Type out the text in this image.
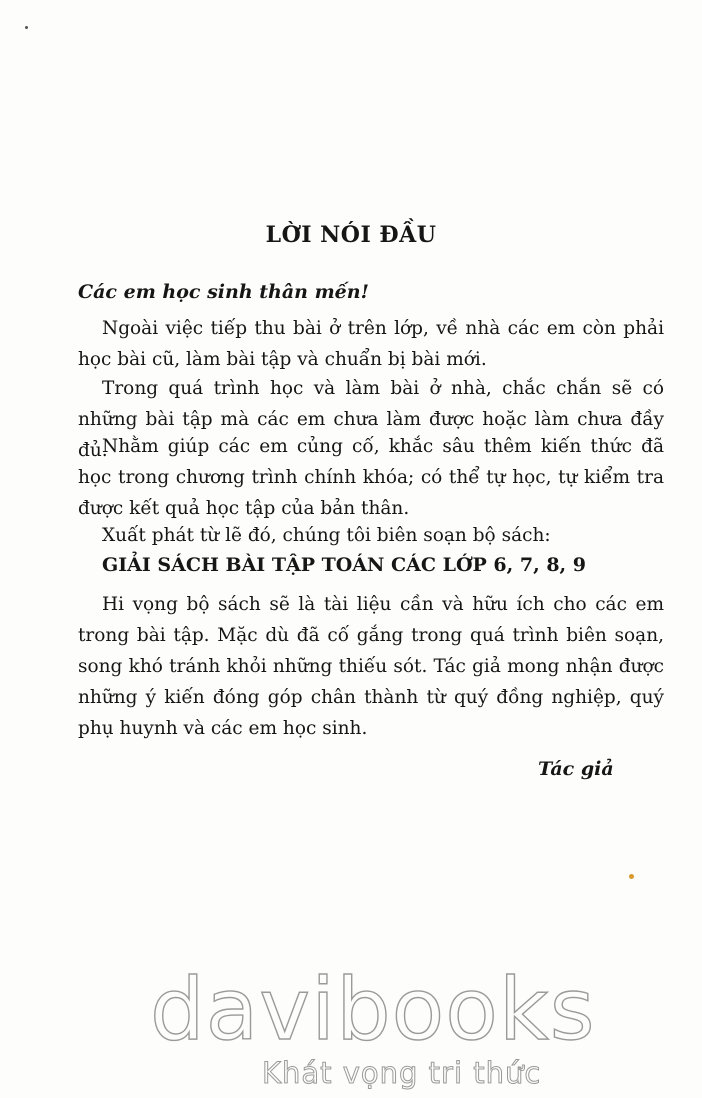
LỜI NÓI ĐẦU
Các em học sinh thân mến!

Ngoài việc tiếp thu bài ở trên lớp, về nhà các em còn phải học bài cũ, làm bài tập và chuẩn bị bài mới.

Trong quá trình học và làm bài ở nhà, chắc chắn sẽ có những bài tập mà các em chưa làm được hoặc làm chưa đầy đủ.

Nhằm giúp các em củng cố, khắc sâu thêm kiến thức đã học trong chương trình chính khóa; có thể tự học, tự kiểm tra được kết quả học tập của bản thân.

Xuất phát từ lẽ đó, chúng tôi biên soạn bộ sách:

GIẢI SÁCH BÀI TẬP TOÁN CÁC LỚP 6, 7, 8, 9

Hi vọng bộ sách sẽ là tài liệu cần và hữu ích cho các em trong bài tập. Mặc dù đã cố gắng trong quá trình biên soạn, song khó tránh khỏi những thiếu sót. Tác giả mong nhận được những ý kiến đóng góp chân thành từ quý đồng nghiệp, quý phụ huynh và các em học sinh.

Tác giả
davibooks
Khát vọng tri thức
